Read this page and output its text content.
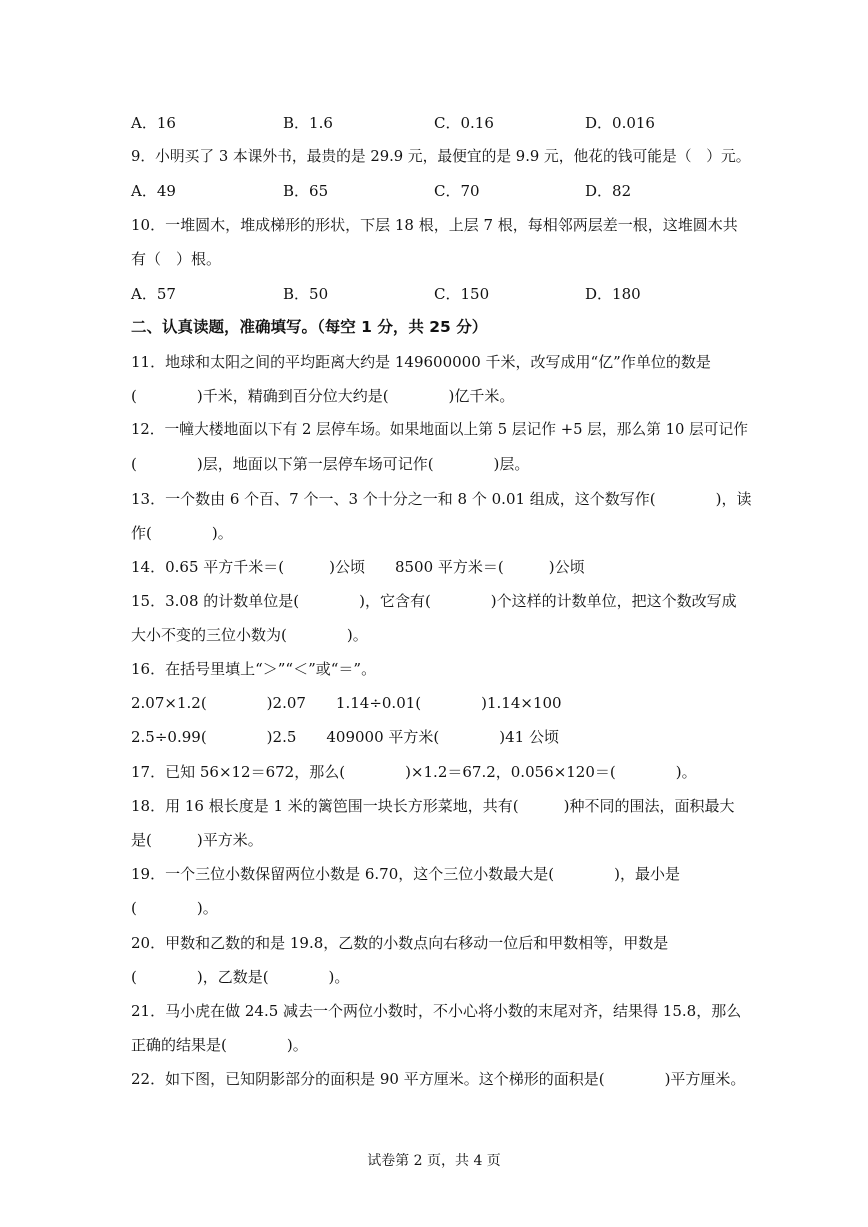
A．16	B．1.6	C．0.16	D．0.016
9．小明买了 3 本课外书，最贵的是 29.9 元，最便宜的是 9.9 元，他花的钱可能是（　）元。
A．49	B．65	C．70	D．82
10．一堆圆木，堆成梯形的形状，下层 18 根，上层 7 根，每相邻两层差一根，这堆圆木共
有（　）根。
A．57	B．50	C．150	D．180
二、认真读题，准确填写。（每空 1 分，共 25 分）
11．地球和太阳之间的平均距离大约是 149600000 千米，改写成用“亿”作单位的数是
(　　　　)千米，精确到百分位大约是(　　　　)亿千米。
12．一幢大楼地面以下有 2 层停车场。如果地面以上第 5 层记作 +5 层，那么第 10 层可记作
(　　　　)层，地面以下第一层停车场可记作(　　　　)层。
13．一个数由 6 个百、7 个一、3 个十分之一和 8 个 0.01 组成，这个数写作(　　　　)，读
作(　　　　)。
14．0.65 平方千米＝(　　　)公顷　　8500 平方米＝(　　　)公顷
15．3.08 的计数单位是(　　　　)，它含有(　　　　)个这样的计数单位，把这个数改写成
大小不变的三位小数为(　　　　)。
16．在括号里填上“＞”“＜”或“＝”。
2.07×1.2(　　　　)2.07　　1.14÷0.01(　　　　)1.14×100
2.5÷0.99(　　　　)2.5　　409000 平方米(　　　　)41 公顷
17．已知 56×12＝672，那么(　　　　)×1.2＝67.2，0.056×120＝(　　　　)。
18．用 16 根长度是 1 米的篱笆围一块长方形菜地，共有(　　　)种不同的围法，面积最大
是(　　　)平方米。
19．一个三位小数保留两位小数是 6.70，这个三位小数最大是(　　　　)，最小是
(　　　　)。
20．甲数和乙数的和是 19.8，乙数的小数点向右移动一位后和甲数相等，甲数是
(　　　　)，乙数是(　　　　)。
21．马小虎在做 24.5 减去一个两位小数时，不小心将小数的末尾对齐，结果得 15.8，那么
正确的结果是(　　　　)。
22．如下图，已知阴影部分的面积是 90 平方厘米。这个梯形的面积是(　　　　)平方厘米。
试卷第 2 页，共 4 页
